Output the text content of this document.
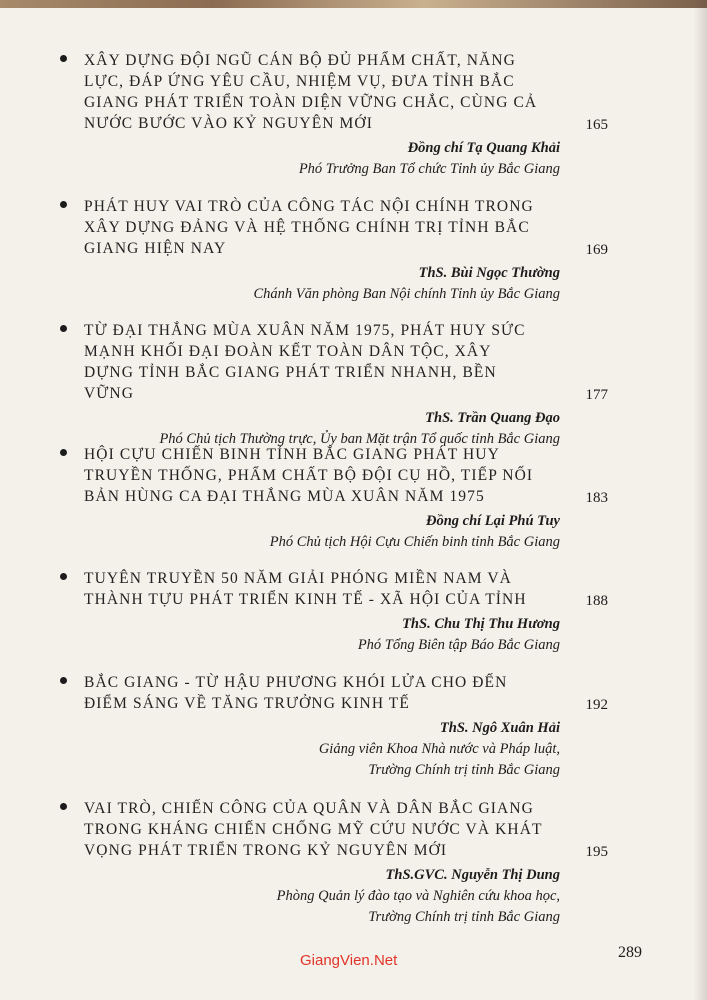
XÂY DỰNG ĐỘI NGŨ CÁN BỘ ĐỦ PHẨM CHẤT, NĂNG LỰC, ĐÁP ỨNG YÊU CẦU, NHIỆM VỤ, ĐƯA TỈNH BẮC GIANG PHÁT TRIỂN TOÀN DIỆN VỮNG CHẮC, CÙNG CẢ NƯỚC BƯỚC VÀO KỶ NGUYÊN MỚI	165
Đồng chí Tạ Quang Khải
Phó Trưởng Ban Tổ chức Tỉnh ủy Bắc Giang
PHÁT HUY VAI TRÒ CỦA CÔNG TÁC NỘI CHÍNH TRONG XÂY DỰNG ĐẢNG VÀ HỆ THỐNG CHÍNH TRỊ TỈNH BẮC GIANG HIỆN NAY	169
ThS. Bùi Ngọc Thường
Chánh Văn phòng Ban Nội chính Tỉnh ủy Bắc Giang
TỪ ĐẠI THẮNG MÙA XUÂN NĂM 1975, PHÁT HUY SỨC MẠNH KHỐI ĐẠI ĐOÀN KẾT TOÀN DÂN TỘC, XÂY DỰNG TỈNH BẮC GIANG PHÁT TRIỂN NHANH, BỀN VỮNG	177
ThS. Trần Quang Đạo
Phó Chủ tịch Thường trực, Ủy ban Mặt trận Tổ quốc tỉnh Bắc Giang
HỘI CỰU CHIẾN BINH TỈNH BẮC GIANG PHÁT HUY TRUYỀN THỐNG, PHẨM CHẤT BỘ ĐỘI CỤ HỒ, TIẾP NỐI BẢN HÙNG CA ĐẠI THẮNG MÙA XUÂN NĂM 1975	183
Đồng chí Lại Phú Tuy
Phó Chủ tịch Hội Cựu Chiến binh tỉnh Bắc Giang
TUYÊN TRUYỀN 50 NĂM GIẢI PHÓNG MIỀN NAM VÀ THÀNH TỰU PHÁT TRIỂN KINH TẾ - XÃ HỘI CỦA TỈNH	188
ThS. Chu Thị Thu Hương
Phó Tổng Biên tập Báo Bắc Giang
BẮC GIANG - TỪ HẬU PHƯƠNG KHÓI LỬA CHO ĐẾN ĐIỂM SÁNG VỀ TĂNG TRƯỞNG KINH TẾ	192
ThS. Ngô Xuân Hải
Giảng viên Khoa Nhà nước và Pháp luật,
Trường Chính trị tỉnh Bắc Giang
VAI TRÒ, CHIẾN CÔNG CỦA QUÂN VÀ DÂN BẮC GIANG TRONG KHÁNG CHIẾN CHỐNG MỸ CỨU NƯỚC VÀ KHÁT VỌNG PHÁT TRIỂN TRONG KỶ NGUYÊN MỚI	195
ThS.GVC. Nguyễn Thị Dung
Phòng Quản lý đào tạo và Nghiên cứu khoa học,
Trường Chính trị tỉnh Bắc Giang
GiangVien.Net	289
